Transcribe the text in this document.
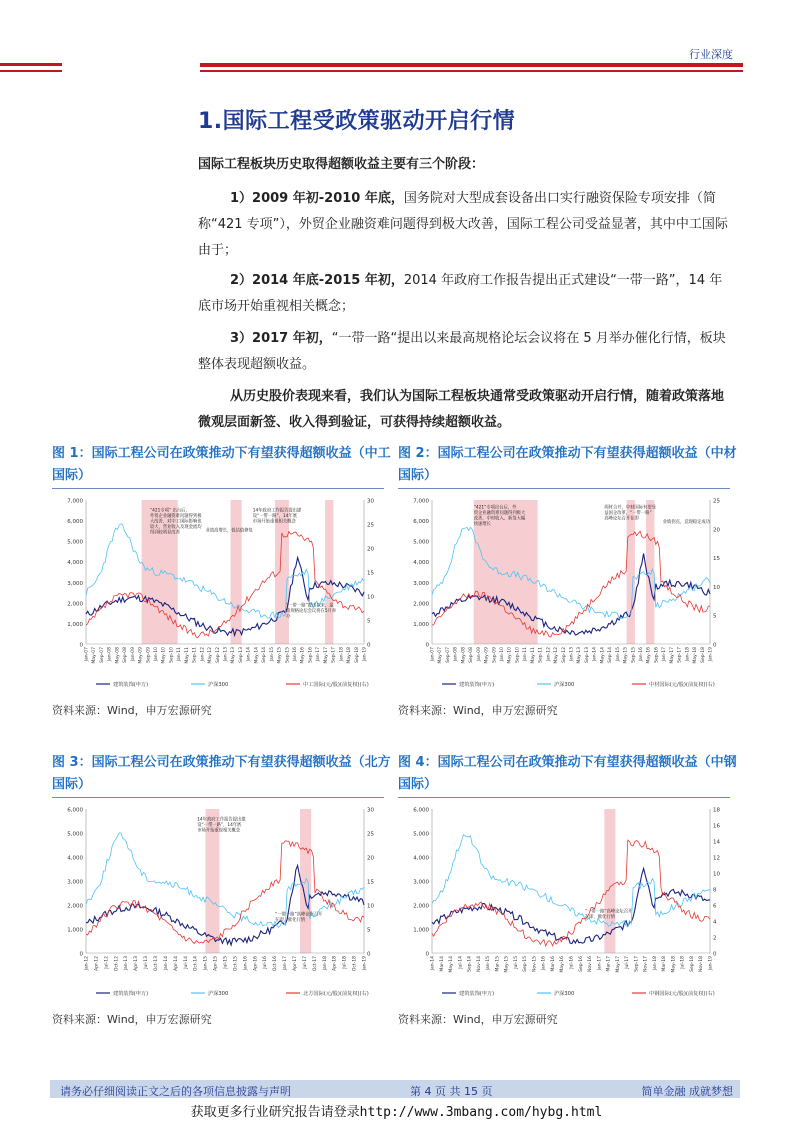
行业深度
1.国际工程受政策驱动开启行情

国际工程板块历史取得超额收益主要有三个阶段：

1）2009 年初-2010 年底，国务院对大型成套设备出口实行融资保险专项安排（简称“421 专项”），外贸企业融资难问题得到极大改善，国际工程公司受益显著，其中中工国际由于；

2）2014 年底-2015 年初，2014 年政府工作报告提出正式建设“一带一路”，14 年底市场开始重视相关概念；

3）2017 年初，“一带一路“提出以来最高规格论坛会议将在 5 月举办催化行情，板块整体表现超额收益。

从历史股价表现来看，我们认为国际工程板块通常受政策驱动开启行情，随着政策落地微观层面新签、收入得到验证，可获得持续超额收益。

图 1：国际工程公司在政策推动下有望获得超额收益（中工国际）
图 2：国际工程公司在政策推动下有望获得超额收益（中材国际）
7,000
6,000
5,000
4,000
3,000
2,000
1,000
0
30
25
20
15
10
5
0
Jan-07 May-07 Sep-07 Jan-08 May-08 Sep-08 Jan-09 May-09 Sep-09 Jan-10 May-10 Sep-10 Jan-11 May-11 Sep-11 Jan-12 May-12 Sep-12 Jan-13 May-13 Sep-13 Jan-14 May-14 Sep-14 Jan-15 May-15 Sep-15 Jan-16 May-16 Sep-16 Jan-17 May-17 Sep-17 Jan-18 May-18 Sep-18 Jan-19
建筑装饰(申万)	沪深300	中工国际(元/股)(前复权)(右)
“421专项” 出台后，外贸企业融资难问题得到极大改善，对中工国际影响也较大，营业收入及现金流均得到较明显改善	业绩高增长，低估值修复
14年政府工作报告提出建设“一带一路”，14年底市场开始重视相关概念
“一带一路”提出以来，最高规格论坛会议将在5月举办
7,000
6,000
5,000
4,000
3,000
2,000
1,000
0
25
20
15
10
5
0
Jan-07 May-07 Sep-07 Jan-08 May-08 Sep-08 Jan-09 May-09 Sep-09 Jan-10 May-10 Sep-10 Jan-11 May-11 Sep-11 Jan-12 May-12 Sep-12 Jan-13 May-13 Sep-13 Jan-14 May-14 Sep-14 Jan-15 May-15 Sep-15 Jan-16 May-16 Sep-16 Jan-17 May-17 Sep-17 Jan-18 May-18 Sep-18 Jan-19
建筑装饰(申万)	沪深300	中材国际(元/股)(前复权)(右)
“421”专项出台后，外贸企业融资难问题得到极大改善，中材收入、新签大幅快速增长
两材合并，中材国际有望受益国企改革，“一带一路”高峰论坛召开在即
业绩拐点，竞现稳定成功
资料来源：Wind，申万宏源研究	资料来源：Wind，申万宏源研究
图 3：国际工程公司在政策推动下有望获得超额收益（北方国际）
图 4：国际工程公司在政策推动下有望获得超额收益（中钢国际）
6,000
5,000
4,000
3,000
2,000
1,000
0
30
25
20
15
10
5
0
Jan-12 Apr-12 Jul-12 Oct-12 Jan-13 Apr-13 Jul-13 Oct-13 Jan-14 Apr-14 Jul-14 Oct-14 Jan-15 Apr-15 Jul-15 Oct-15 Jan-16 Apr-16 Jul-16 Oct-16 Jan-17 Apr-17 Jul-17 Oct-17 Jan-18 Apr-18 Jul-18 Oct-18 Jan-19
建筑装饰(申万)	沪深300	北方国际(元/股)(前复权)(右)
14年政府工作报告提出建设“一带一路”，14年底市场开始重视相关概念
“一带一路”高峰论坛召开在即，催化行情
6,000
5,000
4,000
3,000
2,000
1,000
0
18
16
14
12
10
8
6
4
2
0
Jan-14 Mar-14 May-14 Jul-14 Sep-14 Nov-14 Jan-15 Mar-15 May-15 Jul-15 Sep-15 Nov-15 Jan-16 Mar-16 May-16 Jul-16 Sep-16 Nov-16 Jan-17 Mar-17 May-17 Jul-17 Sep-17 Nov-17 Jan-18 Mar-18 May-18 Jul-18 Sep-18 Nov-18 Jan-19
建筑装饰(申万)	沪深300	中钢国际(元/股)(前复权)(右)
“一带一路”高峰论坛召开在即，催化行情
资料来源：Wind，申万宏源研究	资料来源：Wind，申万宏源研究
请务必仔细阅读正文之后的各项信息披露与声明	第 4 页 共 15 页	简单金融 成就梦想
获取更多行业研究报告请登录http://www.3mbang.com/hybg.html
